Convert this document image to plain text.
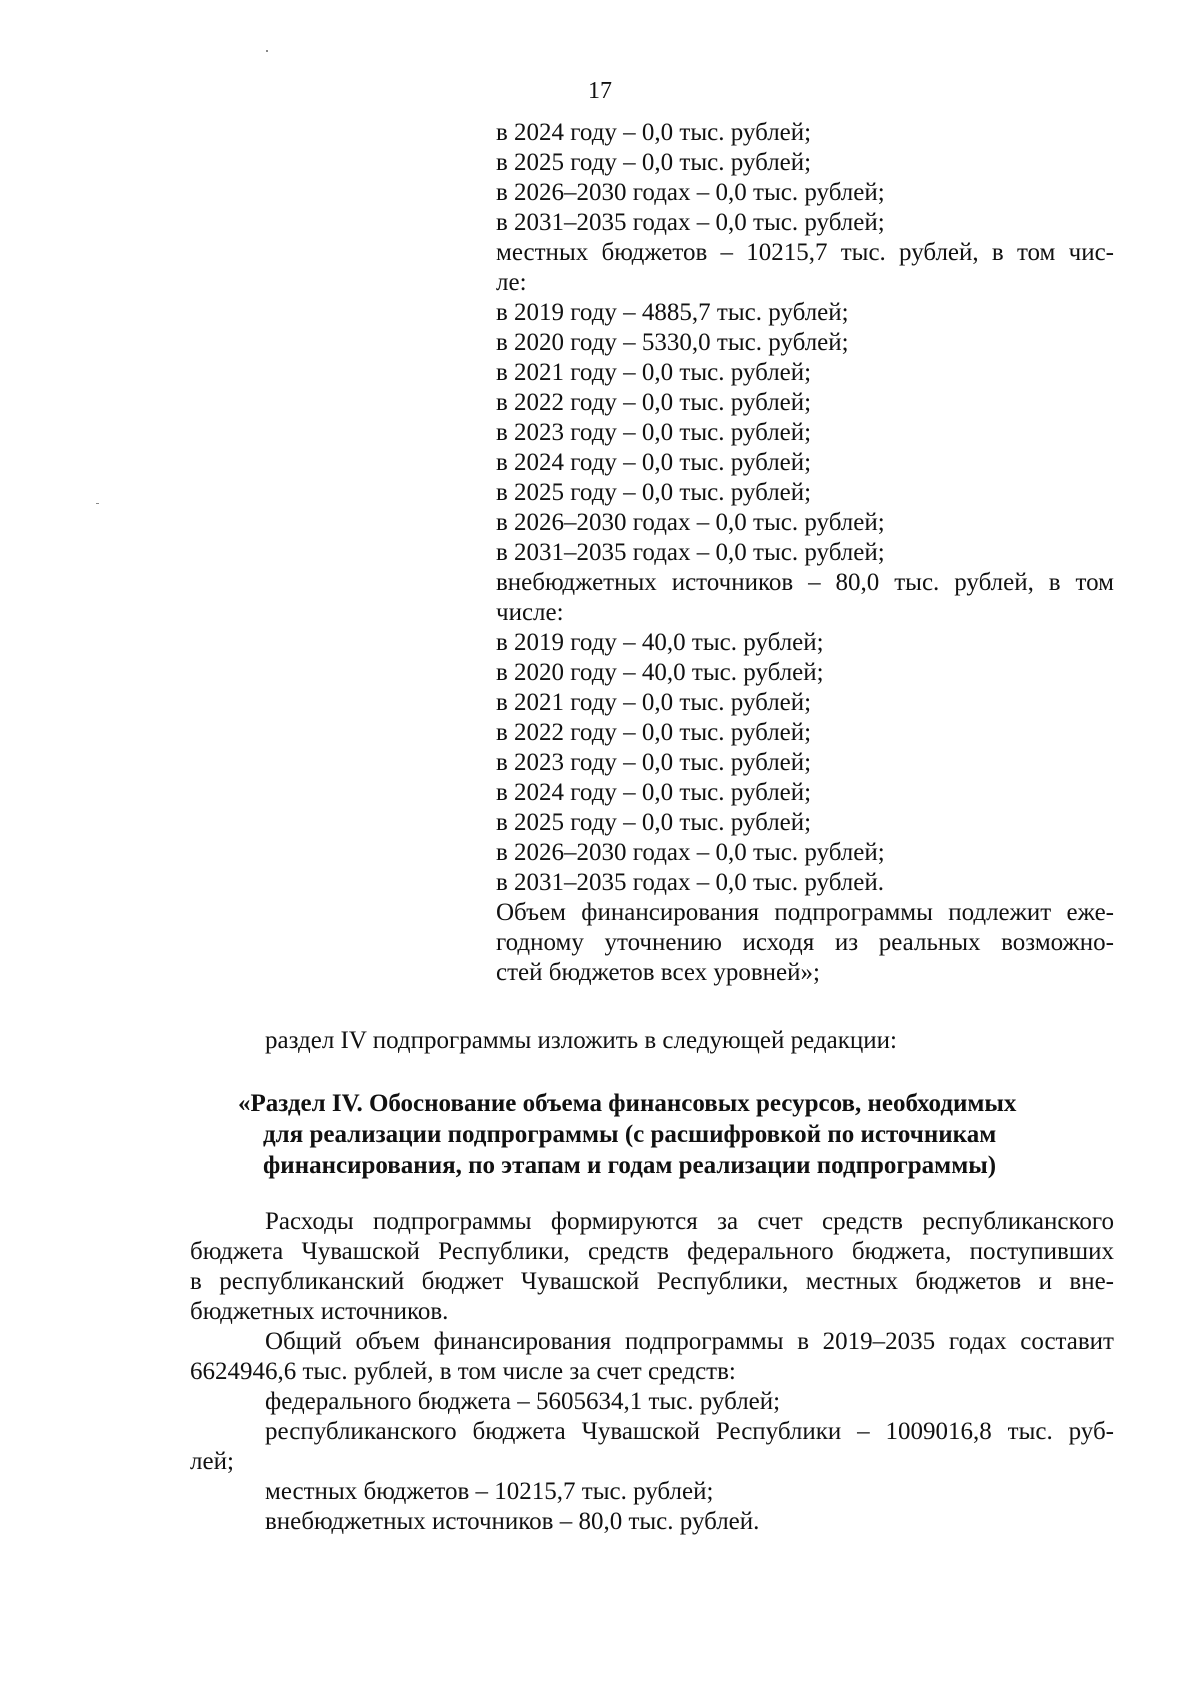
17
в 2024 году – 0,0 тыс. рублей;
в 2025 году – 0,0 тыс. рублей;
в 2026–2030 годах – 0,0 тыс. рублей;
в 2031–2035 годах – 0,0 тыс. рублей;
местных бюджетов – 10215,7 тыс. рублей, в том чис-
ле:
в 2019 году – 4885,7 тыс. рублей;
в 2020 году – 5330,0 тыс. рублей;
в 2021 году – 0,0 тыс. рублей;
в 2022 году – 0,0 тыс. рублей;
в 2023 году – 0,0 тыс. рублей;
в 2024 году – 0,0 тыс. рублей;
в 2025 году – 0,0 тыс. рублей;
в 2026–2030 годах – 0,0 тыс. рублей;
в 2031–2035 годах – 0,0 тыс. рублей;
внебюджетных источников – 80,0 тыс. рублей, в том
числе:
в 2019 году – 40,0 тыс. рублей;
в 2020 году – 40,0 тыс. рублей;
в 2021 году – 0,0 тыс. рублей;
в 2022 году – 0,0 тыс. рублей;
в 2023 году – 0,0 тыс. рублей;
в 2024 году – 0,0 тыс. рублей;
в 2025 году – 0,0 тыс. рублей;
в 2026–2030 годах – 0,0 тыс. рублей;
в 2031–2035 годах – 0,0 тыс. рублей.
Объем финансирования подпрограммы подлежит еже-
годному уточнению исходя из реальных возможно-
стей бюджетов всех уровней»;
раздел IV подпрограммы изложить в следующей редакции:
«Раздел IV. Обоснование объема финансовых ресурсов, необходимых
для реализации подпрограммы (с расшифровкой по источникам
финансирования, по этапам и годам реализации подпрограммы)
Расходы подпрограммы формируются за счет средств республиканского
бюджета Чувашской Республики, средств федерального бюджета, поступивших
в республиканский бюджет Чувашской Республики, местных бюджетов и вне-
бюджетных источников.
Общий объем финансирования подпрограммы в 2019–2035 годах составит
6624946,6 тыс. рублей, в том числе за счет средств:
федерального бюджета – 5605634,1 тыс. рублей;
республиканского бюджета Чувашской Республики – 1009016,8 тыс. руб-
лей;
местных бюджетов – 10215,7 тыс. рублей;
внебюджетных источников – 80,0 тыс. рублей.
